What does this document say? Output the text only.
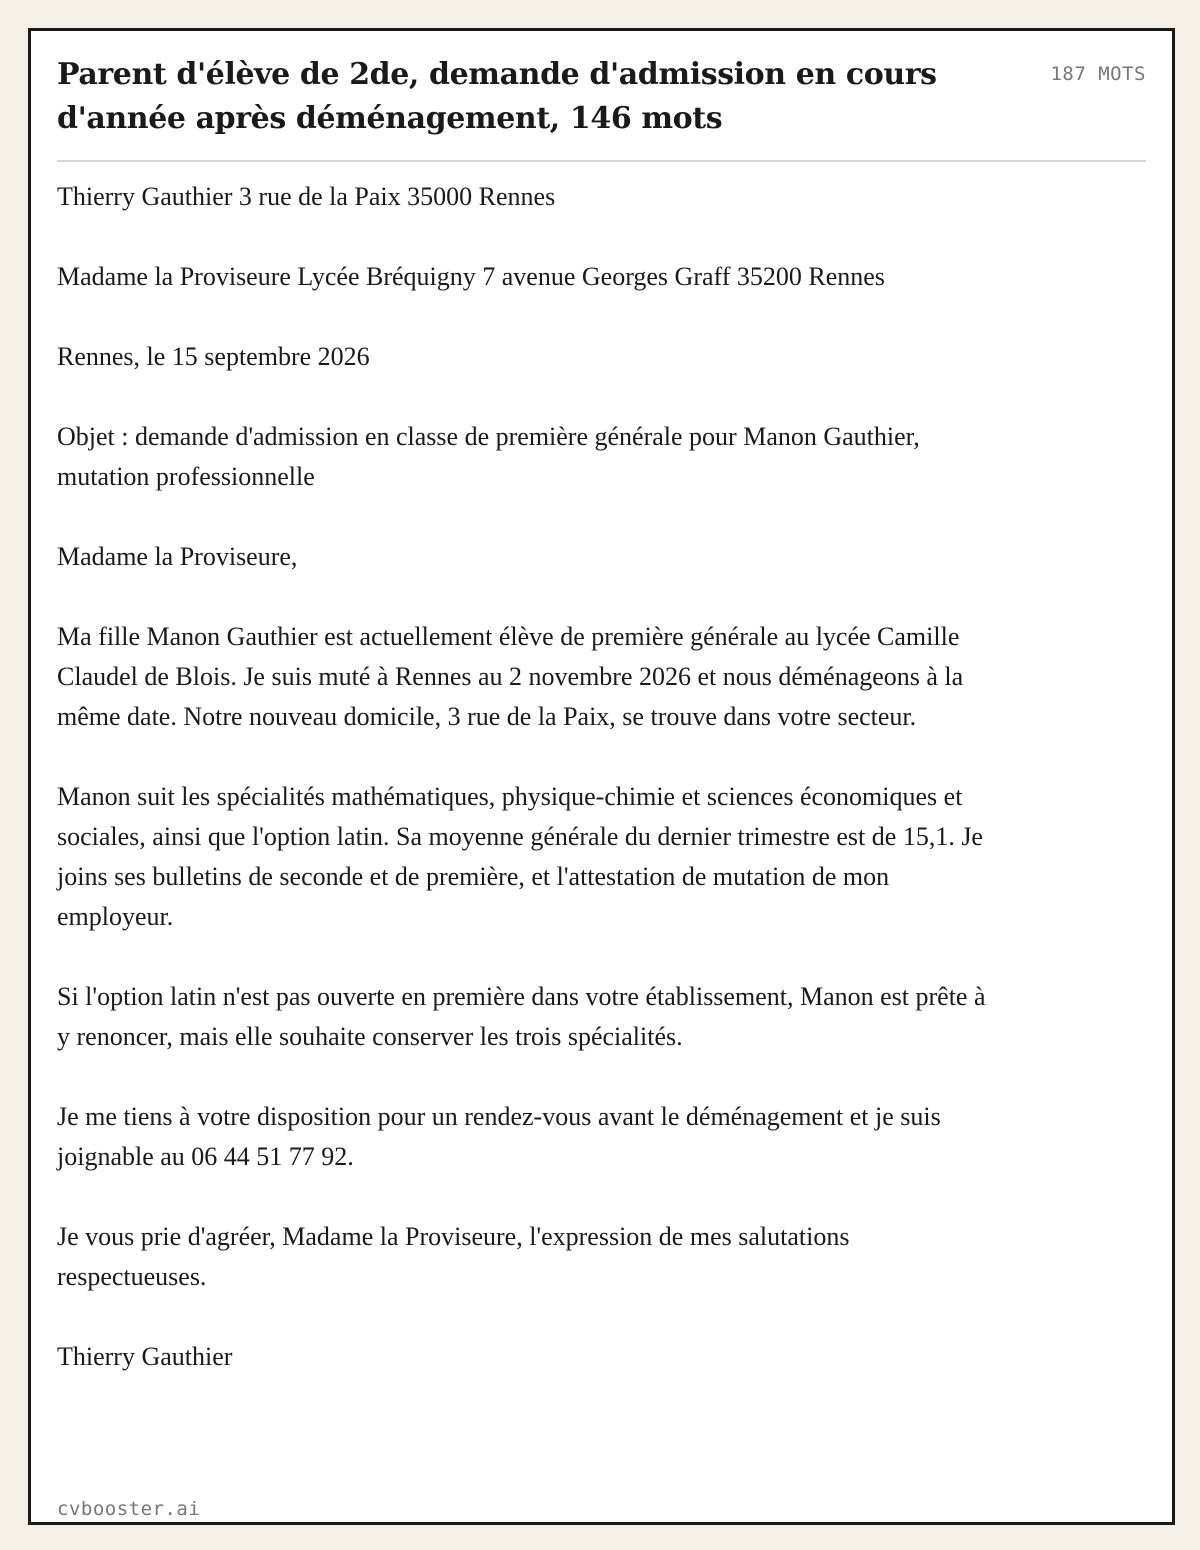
Parent d'élève de 2de, demande d'admission en cours d'année après déménagement, 146 mots
187 MOTS

Thierry Gauthier 3 rue de la Paix 35000 Rennes

Madame la Proviseure Lycée Bréquigny 7 avenue Georges Graff 35200 Rennes

Rennes, le 15 septembre 2026

Objet : demande d'admission en classe de première générale pour Manon Gauthier, mutation professionnelle

Madame la Proviseure,

Ma fille Manon Gauthier est actuellement élève de première générale au lycée Camille Claudel de Blois. Je suis muté à Rennes au 2 novembre 2026 et nous déménageons à la même date. Notre nouveau domicile, 3 rue de la Paix, se trouve dans votre secteur.

Manon suit les spécialités mathématiques, physique-chimie et sciences économiques et sociales, ainsi que l'option latin. Sa moyenne générale du dernier trimestre est de 15,1. Je joins ses bulletins de seconde et de première, et l'attestation de mutation de mon employeur.

Si l'option latin n'est pas ouverte en première dans votre établissement, Manon est prête à y renoncer, mais elle souhaite conserver les trois spécialités.

Je me tiens à votre disposition pour un rendez-vous avant le déménagement et je suis joignable au 06 44 51 77 92.

Je vous prie d'agréer, Madame la Proviseure, l'expression de mes salutations respectueuses.

Thierry Gauthier

cvbooster.ai
